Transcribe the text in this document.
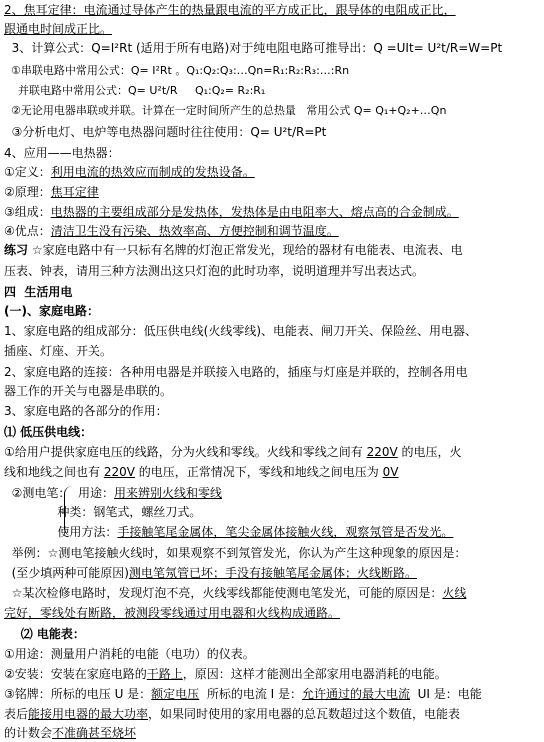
2、焦耳定律：电流通过导体产生的热量跟电流的平方成正比，跟导体的电阻成正比，
跟通电时间成正比。
3、计算公式：Q=I²Rt (适用于所有电路)对于纯电阻电路可推导出：Q =UIt= U²t/R=W=Pt
①串联电路中常用公式：Q= I²Rt 。Q₁:Q₂:Q₃:…Qn=R₁:R₂:R₃:…:Rn
并联电路中常用公式：Q= U²t/R     Q₁:Q₂= R₂:R₁
②无论用电器串联或并联。计算在一定时间所产生的总热量   常用公式 Q= Q₁+Q₂+…Qn
③分析电灯、电炉等电热器问题时往往使用：Q= U²t/R=Pt
4、应用——电热器：
①定义：利用电流的热效应而制成的发热设备。
②原理：焦耳定律
③组成：电热器的主要组成部分是发热体，发热体是由电阻率大、熔点高的合金制成。
④优点：清洁卫生没有污染、热效率高、方便控制和调节温度。
练习 ☆家庭电路中有一只标有名牌的灯泡正常发光，现给的器材有电能表、电流表、电
压表、钟表，请用三种方法测出这只灯泡的此时功率，说明道理并写出表达式。
四  生活用电
(一)、家庭电路：
1、家庭电路的组成部分：低压供电线(火线零线)、电能表、闸刀开关、保险丝、用电器、
插座、灯座、开关。
2、家庭电路的连接：各种用电器是并联接入电路的，插座与灯座是并联的，控制各用电
器工作的开关与电器是串联的。
3、家庭电路的各部分的作用：
⑴ 低压供电线：
①给用户提供家庭电压的线路，分为火线和零线。火线和零线之间有 220V 的电压，火
线和地线之间也有 220V 的电压，正常情况下，零线和地线之间电压为 0V
②测电笔：  用途：用来辨别火线和零线
种类：钢笔式，螺丝刀式。
使用方法：手接触笔尾金属体，笔尖金属体接触火线，观察氖管是否发光。
举例：☆测电笔接触火线时，如果观察不到氖管发光，你认为产生这种现象的原因是：
(至少填两种可能原因)测电笔氖管已坏；手没有接触笔尾金属体；火线断路。
☆某次检修电路时，发现灯泡不亮，火线零线都能使测电笔发光，可能的原因是：火线
完好，零线处有断路，被测段零线通过用电器和火线构成通路。
⑵ 电能表：
①用途：测量用户消耗的电能（电功）的仪表。
②安装：安装在家庭电路的干路上，原因：这样才能测出全部家用电器消耗的电能。
③铭牌：所标的电压 U 是：额定电压  所标的电流 I 是：允许通过的最大电流  UI 是：电能
表后能接用电器的最大功率，如果同时使用的家用电器的总瓦数超过这个数值，电能表
的计数会不准确甚至烧坏
